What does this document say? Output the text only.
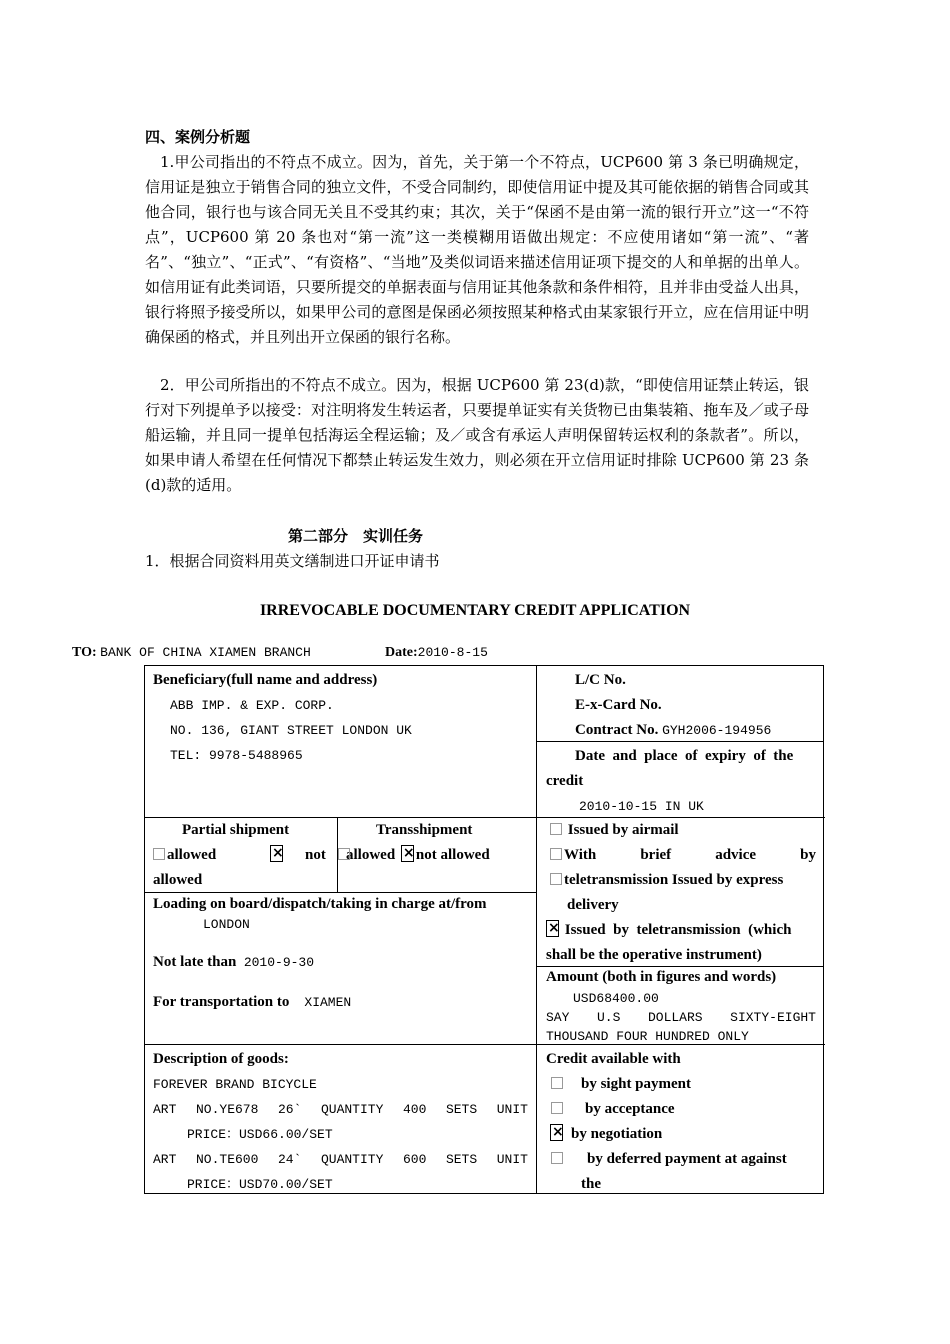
四、案例分析题

1.甲公司指出的不符点不成立。因为，首先，关于第一个不符点，UCP600 第 3 条已明确规定，信用证是独立于销售合同的独立文件，不受合同制约，即使信用证中提及其可能依据的销售合同或其他合同，银行也与该合同无关且不受其约束；其次，关于“保函不是由第一流的银行开立”这一“不符点”，UCP600 第 20 条也对“第一流”这一类模糊用语做出规定：不应使用诸如“第一流”、“著名”、“独立”、“正式”、“有资格”、“当地”及类似词语来描述信用证项下提交的人和单据的出单人。如信用证有此类词语，只要所提交的单据表面与信用证其他条款和条件相符，且并非由受益人出具，银行将照予接受所以，如果甲公司的意图是保函必须按照某种格式由某家银行开立，应在信用证中明确保函的格式，并且列出开立保函的银行名称。

2．甲公司所指出的不符点不成立。因为，根据 UCP600 第 23(d)款，“即使信用证禁止转运，银行对下列提单予以接受：对注明将发生转运者，只要提单证实有关货物已由集装箱、拖车及／或子母船运输，并且同一提单包括海运全程运输；及／或含有承运人声明保留转运权利的条款者”。所以，如果申请人希望在任何情况下都禁止转运发生效力，则必须在开立信用证时排除 UCP600 第 23 条(d)款的适用。

第二部分　实训任务
1．根据合同资料用英文缮制进口开证申请书
IRREVOCABLE DOCUMENTARY CREDIT APPLICATION
TO: BANK OF CHINA XIAMEN BRANCH	Date:2010-8-15
Beneficiary(full name and address)
ABB IMP. & EXP. CORP.
NO. 136, GIANT STREET LONDON UK
TEL: 9978-5488965
L/C No.
E-x-Card No.
Contract No. GYH2006-194956
Date  and  place  of  expiry  of  the
credit
2010-10-15 IN UK
Partial shipment
allowed ×	not
allowed
Transshipment
allowed × not allowed
Issued by airmail
With	brief	advice	by
teletransmission Issued by express
delivery
× Issued  by  teletransmission  (which
shall be the operative instrument)
Loading on board/dispatch/taking in charge at/from
LONDON
Not late than 2010-9-30
For transportation to XIAMEN
Amount (both in figures and words)
USD68400.00
SAY U.S DOLLARS SIXTY-EIGHT
THOUSAND FOUR HUNDRED ONLY
Description of goods:
FOREVER BRAND BICYCLE
ART NO.YE678 26` QUANTITY 400 SETS UNIT
PRICE：USD66.00/SET
ART NO.TE600 24` QUANTITY 600 SETS UNIT
PRICE：USD70.00/SET
Credit available with
by sight payment
by acceptance
×by negotiation
by deferred payment at against
the
